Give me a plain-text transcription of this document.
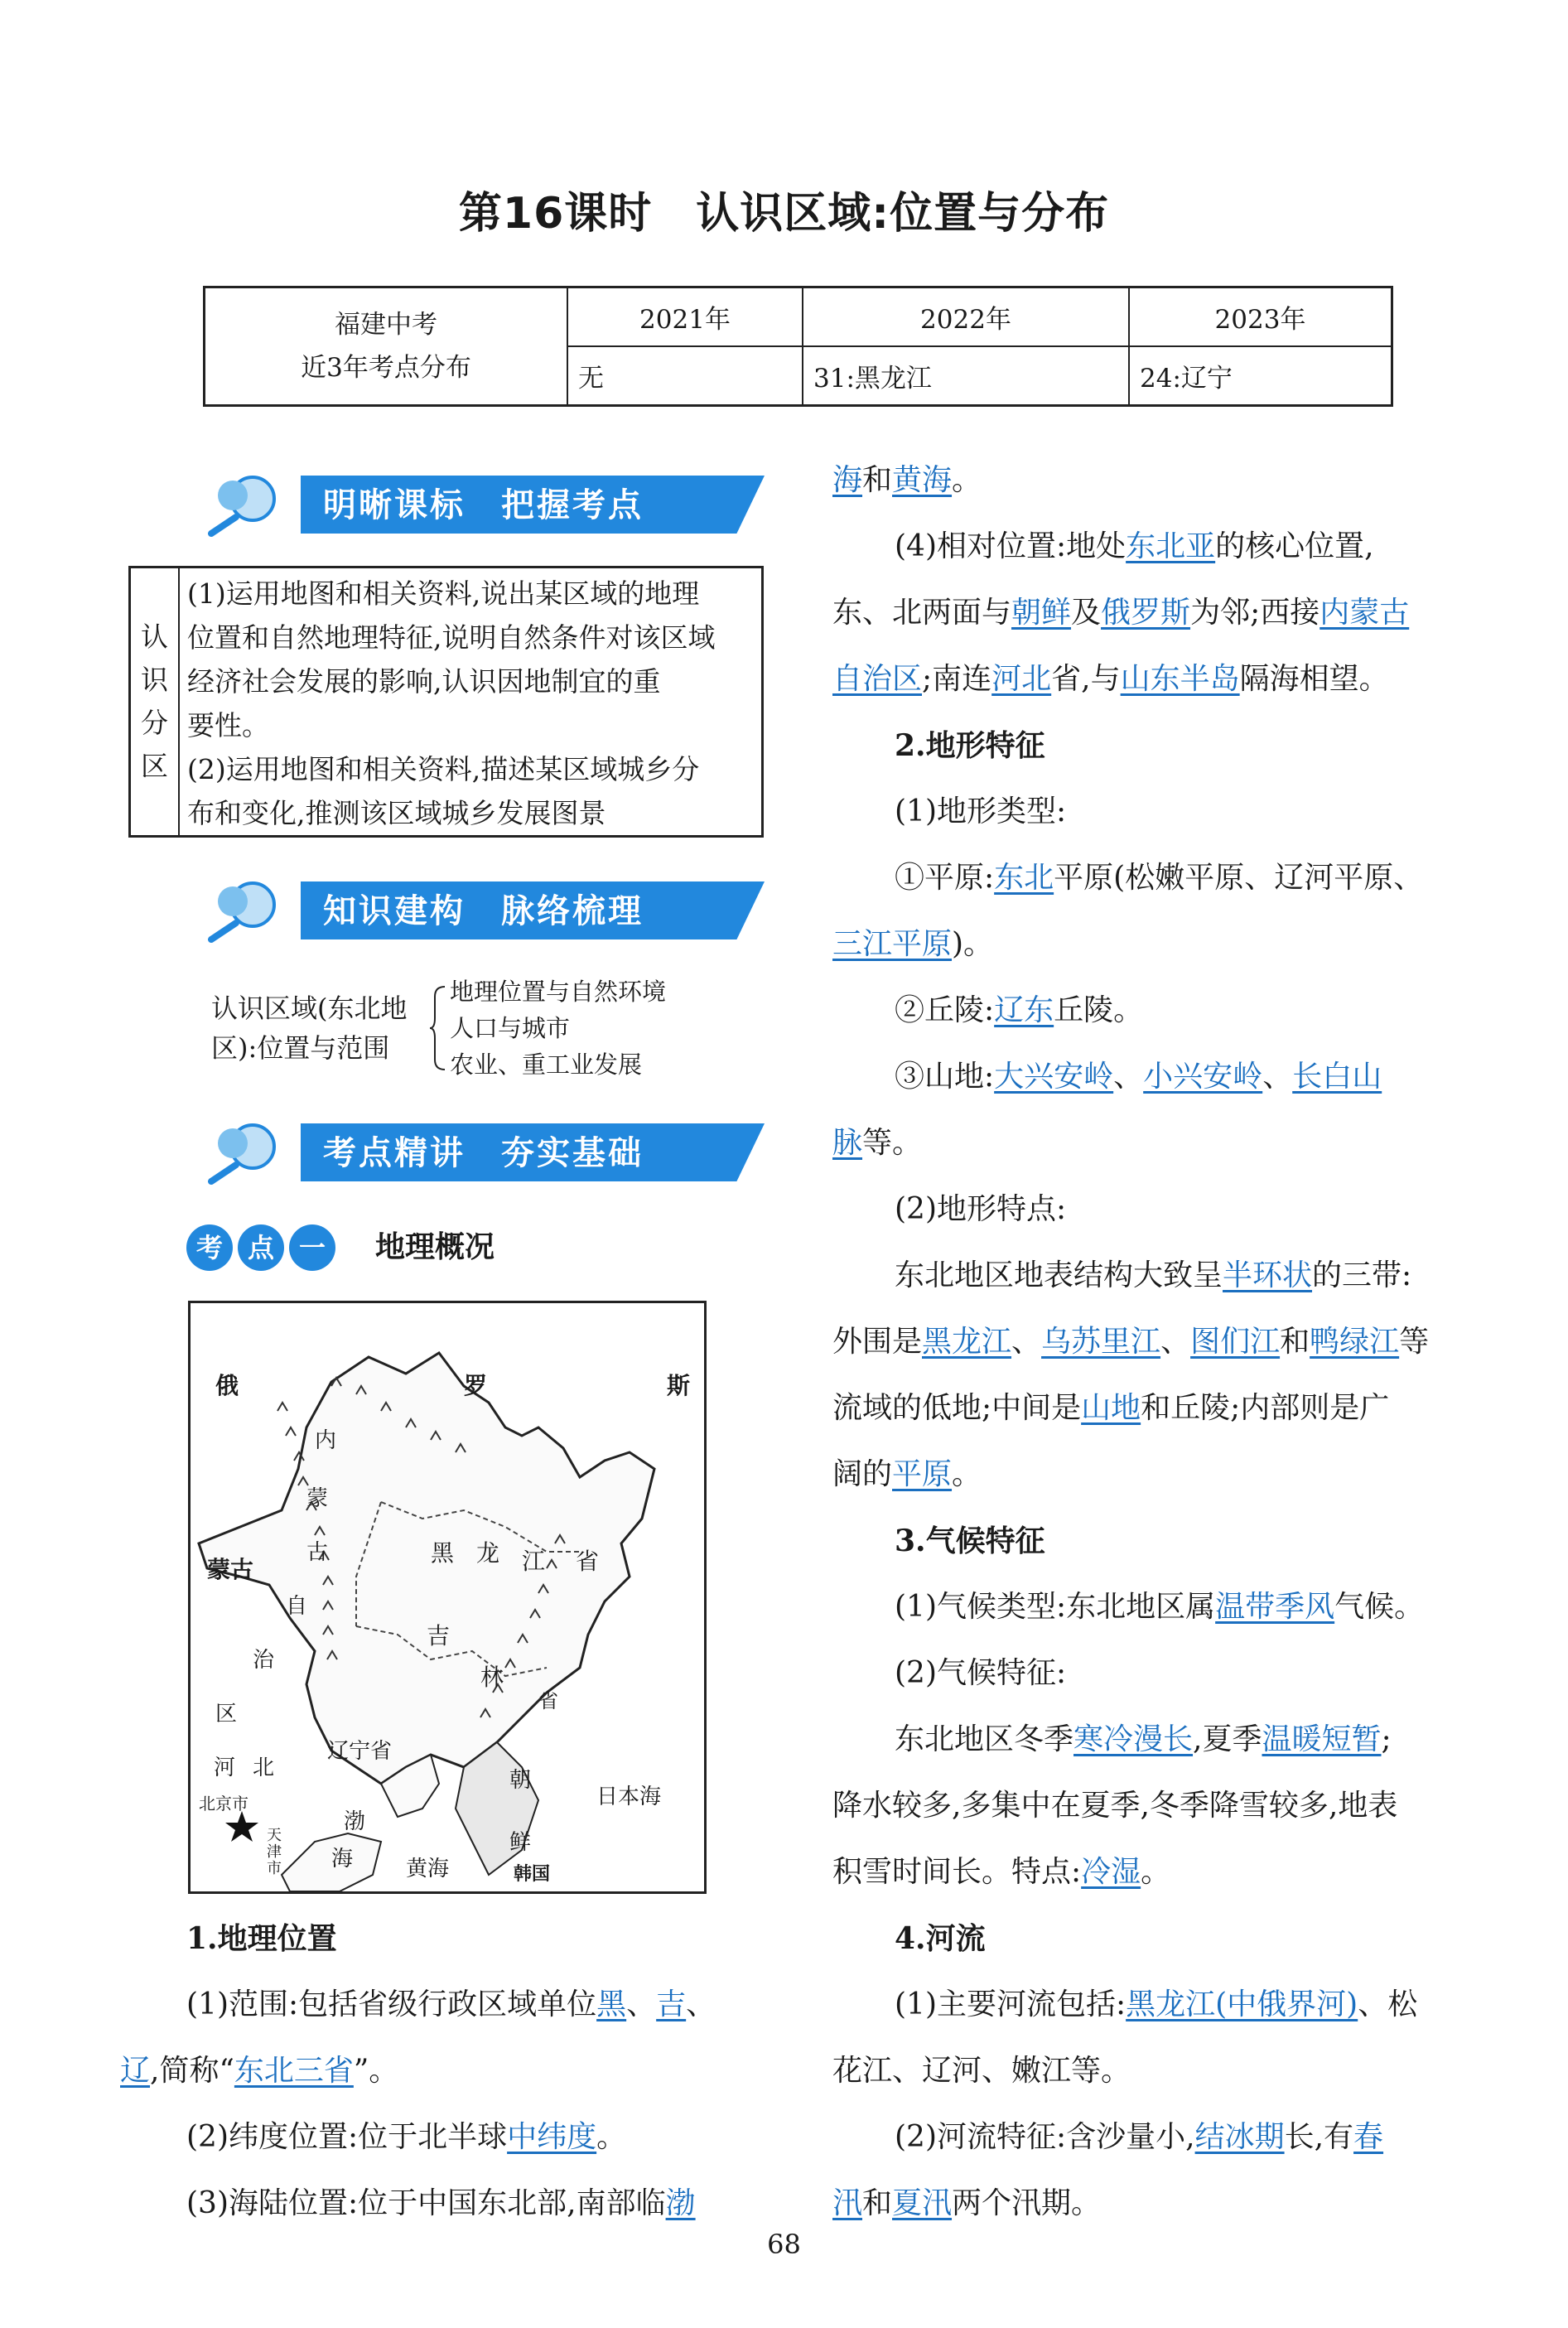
第16课时　认识区域:位置与分布
福建中考
近3年考点分布	2021年	2022年	2023年
	无	31:黑龙江	24:辽宁
明晰课标　把握考点
认
识
分
区
(1)运用地图和相关资料,说出某区域的地理
位置和自然地理特征,说明自然条件对该区域
经济社会发展的影响,认识因地制宜的重
要性。
(2)运用地图和相关资料,描述某区域城乡分
布和变化,推测该区域城乡发展图景
知识建构　脉络梳理
认识区域(东北地
区):位置与范围
地理位置与自然环境
人口与城市
农业、重工业发展
考点精讲　夯实基础
考 点 一 地理概况
俄	罗	斯
内
蒙
古
自
治
区
蒙古
黑 龙 江 省
吉
林
省
辽宁省
朝
鲜
日本海
河 北
北京市
天
津
市
渤
海 黄海	韩国
1.地理位置
(1)范围:包括省级行政区域单位黑、吉、
辽,简称“东北三省”。
(2)纬度位置:位于北半球中纬度。
(3)海陆位置:位于中国东北部,南部临渤
海和黄海。
(4)相对位置:地处东北亚的核心位置,
东、北两面与朝鲜及俄罗斯为邻;西接内蒙古
自治区;南连河北省,与山东半岛隔海相望。
2.地形特征
(1)地形类型:
①平原:东北平原(松嫩平原、辽河平原、
三江平原)。
②丘陵:辽东丘陵。
③山地:大兴安岭、小兴安岭、长白山
脉等。
(2)地形特点:
东北地区地表结构大致呈半环状的三带:
外围是黑龙江、乌苏里江、图们江和鸭绿江等
流域的低地;中间是山地和丘陵;内部则是广
阔的平原。
3.气候特征
(1)气候类型:东北地区属温带季风气候。
(2)气候特征:
东北地区冬季寒冷漫长,夏季温暖短暂;
降水较多,多集中在夏季,冬季降雪较多,地表
积雪时间长。特点:冷湿。
4.河流
(1)主要河流包括:黑龙江(中俄界河)、松
花江、辽河、嫩江等。
(2)河流特征:含沙量小,结冰期长,有春
汛和夏汛两个汛期。
68
